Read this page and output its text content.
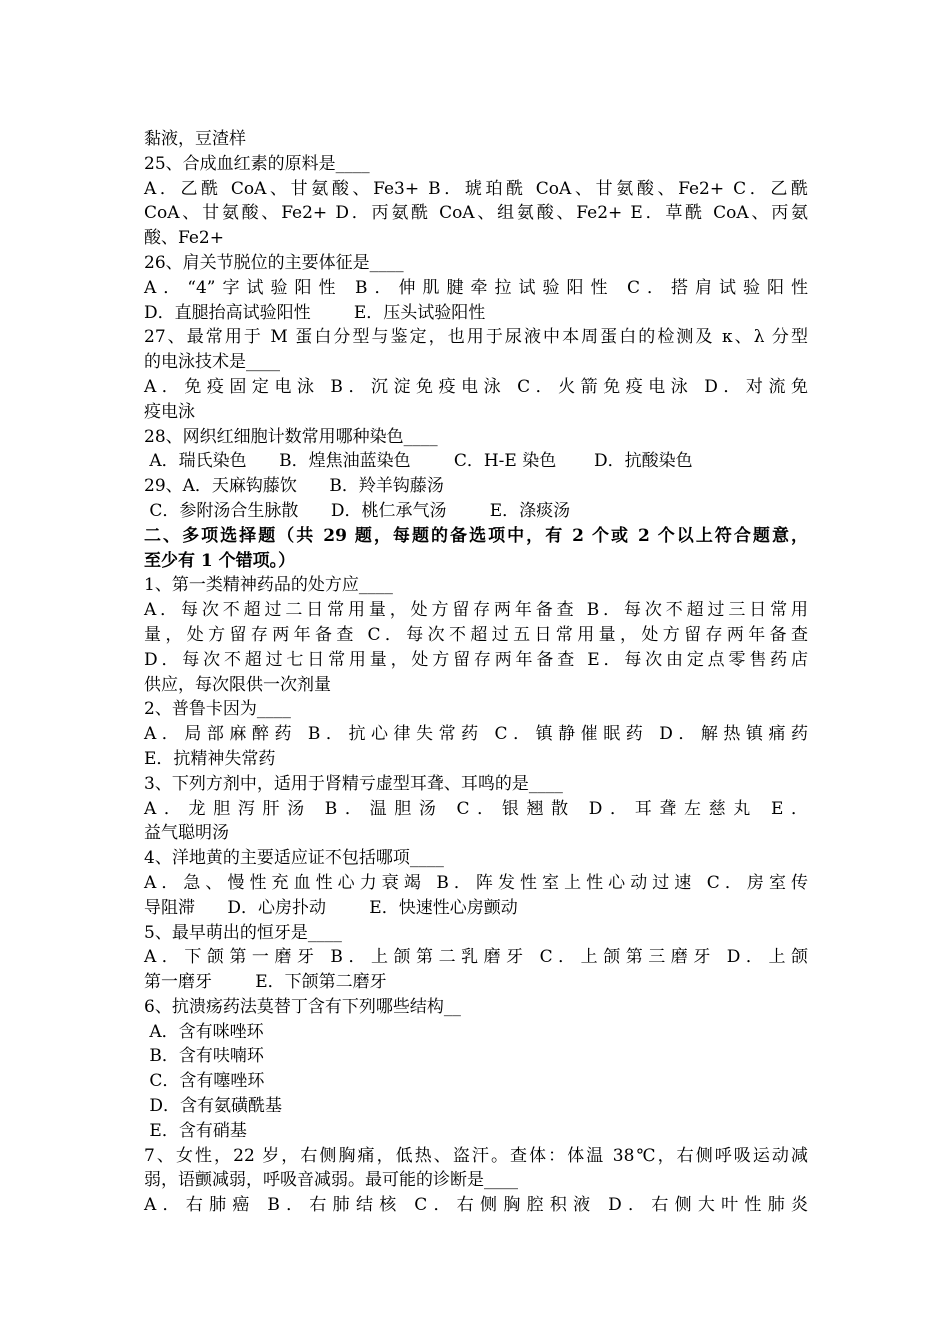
黏液，豆渣样
25、合成血红素的原料是____
A．乙酰 CoA、甘氨酸、Fe3+ B．琥珀酰 CoA、甘氨酸、Fe2+ C．乙酰
CoA、甘氨酸、Fe2+ D．丙氨酰 CoA、组氨酸、Fe2+ E．草酰 CoA、丙氨
酸、Fe2+
26、肩关节脱位的主要体征是____
A．“4”字试验阳性 B．伸肌腱牵拉试验阳性 C．搭肩试验阳性
D．直腿抬高试验阳性        E．压头试验阳性
27、最常用于 M 蛋白分型与鉴定，也用于尿液中本周蛋白的检测及 κ、λ 分型
的电泳技术是____
A．免疫固定电泳 B．沉淀免疫电泳 C．火箭免疫电泳 D．对流免
疫电泳
28、网织红细胞计数常用哪种染色____
A．瑞氏染色      B．煌焦油蓝染色        C．H-E 染色       D．抗酸染色
29、A．天麻钩藤饮      B．羚羊钩藤汤
C．参附汤合生脉散      D．桃仁承气汤        E．涤痰汤
二、多项选择题（共 29 题，每题的备选项中，有 2 个或 2 个以上符合题意，
至少有 1 个错项。）
1、第一类精神药品的处方应____
A．每次不超过二日常用量，处方留存两年备查 B．每次不超过三日常用
量，处方留存两年备查 C．每次不超过五日常用量，处方留存两年备查
D．每次不超过七日常用量，处方留存两年备查 E．每次由定点零售药店
供应，每次限供一次剂量
2、普鲁卡因为____
A．局部麻醉药 B．抗心律失常药 C．镇静催眠药 D．解热镇痛药
E．抗精神失常药
3、下列方剂中，适用于肾精亏虚型耳聋、耳鸣的是____
A．龙胆泻肝汤 B．温胆汤 C．银翘散 D．耳聋左慈丸 E．
益气聪明汤
4、洋地黄的主要适应证不包括哪项____
A．急、慢性充血性心力衰竭 B．阵发性室上性心动过速 C．房室传
导阻滞      D．心房扑动        E．快速性心房颤动
5、最早萌出的恒牙是____
A．下颌第一磨牙 B．上颌第二乳磨牙 C．上颌第三磨牙 D．上颌
第一磨牙        E．下颌第二磨牙
6、抗溃疡药法莫替丁含有下列哪些结构__
A．含有咪唑环
B．含有呋喃环
C．含有噻唑环
D．含有氨磺酰基
E．含有硝基
7、女性，22 岁，右侧胸痛，低热、盗汗。查体：体温 38℃，右侧呼吸运动减
弱，语颤减弱，呼吸音减弱。最可能的诊断是____
A．右肺癌 B．右肺结核 C．右侧胸腔积液 D．右侧大叶性肺炎
